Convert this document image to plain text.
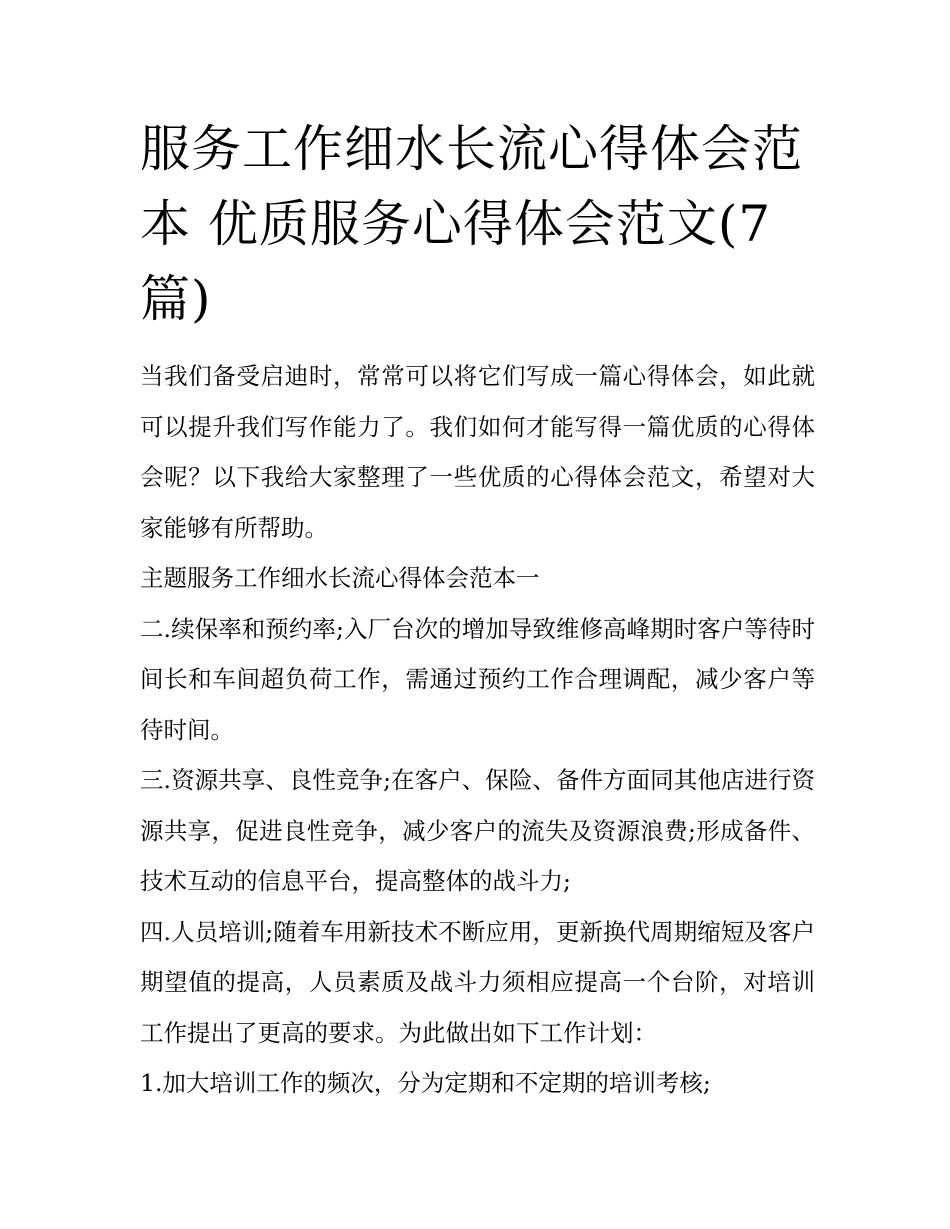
服务工作细水长流心得体会范本 优质服务心得体会范文(7篇)

当我们备受启迪时，常常可以将它们写成一篇心得体会，如此就可以提升我们写作能力了。我们如何才能写得一篇优质的心得体会呢？以下我给大家整理了一些优质的心得体会范文，希望对大家能够有所帮助。

主题服务工作细水长流心得体会范本一

二.续保率和预约率;入厂台次的增加导致维修高峰期时客户等待时间长和车间超负荷工作，需通过预约工作合理调配，减少客户等待时间。

三.资源共享、良性竞争;在客户、保险、备件方面同其他店进行资源共享，促进良性竞争，减少客户的流失及资源浪费;形成备件、技术互动的信息平台，提高整体的战斗力;

四.人员培训;随着车用新技术不断应用，更新换代周期缩短及客户期望值的提高，人员素质及战斗力须相应提高一个台阶，对培训工作提出了更高的要求。为此做出如下工作计划：

1.加大培训工作的频次，分为定期和不定期的培训考核;
